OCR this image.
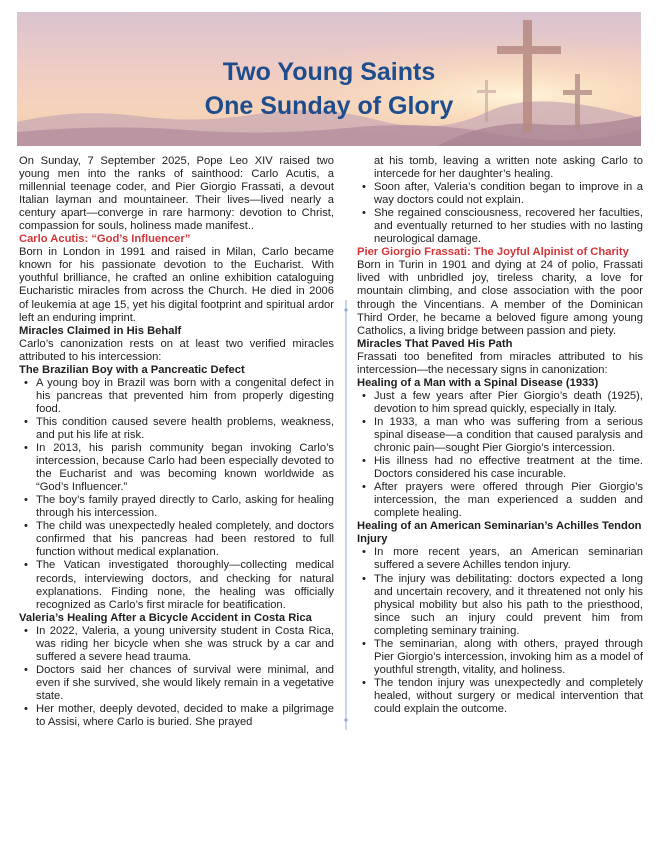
Two Young Saints
One Sunday of Glory

On Sunday, 7 September 2025, Pope Leo XIV raised two young men into the ranks of sainthood: Carlo Acutis, a millennial teenage coder, and Pier Giorgio Frassati, a devout Italian layman and mountaineer. Their lives—lived nearly a century apart—converge in rare harmony: devotion to Christ, compassion for souls, holiness made manifest..

Carlo Acutis: “God’s Influencer”

Born in London in 1991 and raised in Milan, Carlo became known for his passionate devotion to the Eucharist. With youthful brilliance, he crafted an online exhibition cataloguing Eucharistic miracles from across the Church. He died in 2006 of leukemia at age 15, yet his digital footprint and spiritual ardor left an enduring imprint.

Miracles Claimed in His Behalf

Carlo’s canonization rests on at least two verified miracles attributed to his intercession:

The Brazilian Boy with a Pancreatic Defect
• A young boy in Brazil was born with a congenital defect in his pancreas that prevented him from properly digesting food.
• This condition caused severe health problems, weakness, and put his life at risk.
• In 2013, his parish community began invoking Carlo’s intercession, because Carlo had been especially devoted to the Eucharist and was becoming known worldwide as “God’s Influencer.”
• The boy’s family prayed directly to Carlo, asking for healing through his intercession.
• The child was unexpectedly healed completely, and doctors confirmed that his pancreas had been restored to full function without medical explanation.
• The Vatican investigated thoroughly—collecting medical records, interviewing doctors, and checking for natural explanations. Finding none, the healing was officially recognized as Carlo’s first miracle for beatification.
Valeria’s Healing After a Bicycle Accident in Costa Rica
• In 2022, Valeria, a young university student in Costa Rica, was riding her bicycle when she was struck by a car and suffered a severe head trauma.
• Doctors said her chances of survival were minimal, and even if she survived, she would likely remain in a vegetative state.
• Her mother, deeply devoted, decided to make a pilgrimage to Assisi, where Carlo is buried. She prayed

at his tomb, leaving a written note asking Carlo to intercede for her daughter’s healing.

• Soon after, Valeria’s condition began to improve in a way doctors could not explain.
• She regained consciousness, recovered her faculties, and eventually returned to her studies with no lasting neurological damage.
Pier Giorgio Frassati: The Joyful Alpinist of Charity

Born in Turin in 1901 and dying at 24 of polio, Frassati lived with unbridled joy, tireless charity, a love for mountain climbing, and close association with the poor through the Vincentians. A member of the Dominican Third Order, he became a beloved figure among young Catholics, a living bridge between passion and piety.

Miracles That Paved His Path

Frassati too benefited from miracles attributed to his intercession—the necessary signs in canonization:

Healing of a Man with a Spinal Disease (1933)
• Just a few years after Pier Giorgio’s death (1925), devotion to him spread quickly, especially in Italy.
• In 1933, a man who was suffering from a serious spinal disease—a condition that caused paralysis and chronic pain—sought Pier Giorgio’s intercession.
• His illness had no effective treatment at the time. Doctors considered his case incurable.
• After prayers were offered through Pier Giorgio’s intercession, the man experienced a sudden and complete healing.
Healing of an American Seminarian’s Achilles Tendon Injury
• In more recent years, an American seminarian suffered a severe Achilles tendon injury.
• The injury was debilitating: doctors expected a long and uncertain recovery, and it threatened not only his physical mobility but also his path to the priesthood, since such an injury could prevent him from completing seminary training.
• The seminarian, along with others, prayed through Pier Giorgio’s intercession, invoking him as a model of youthful strength, vitality, and holiness.
• The tendon injury was unexpectedly and completely healed, without surgery or medical intervention that could explain the outcome.
